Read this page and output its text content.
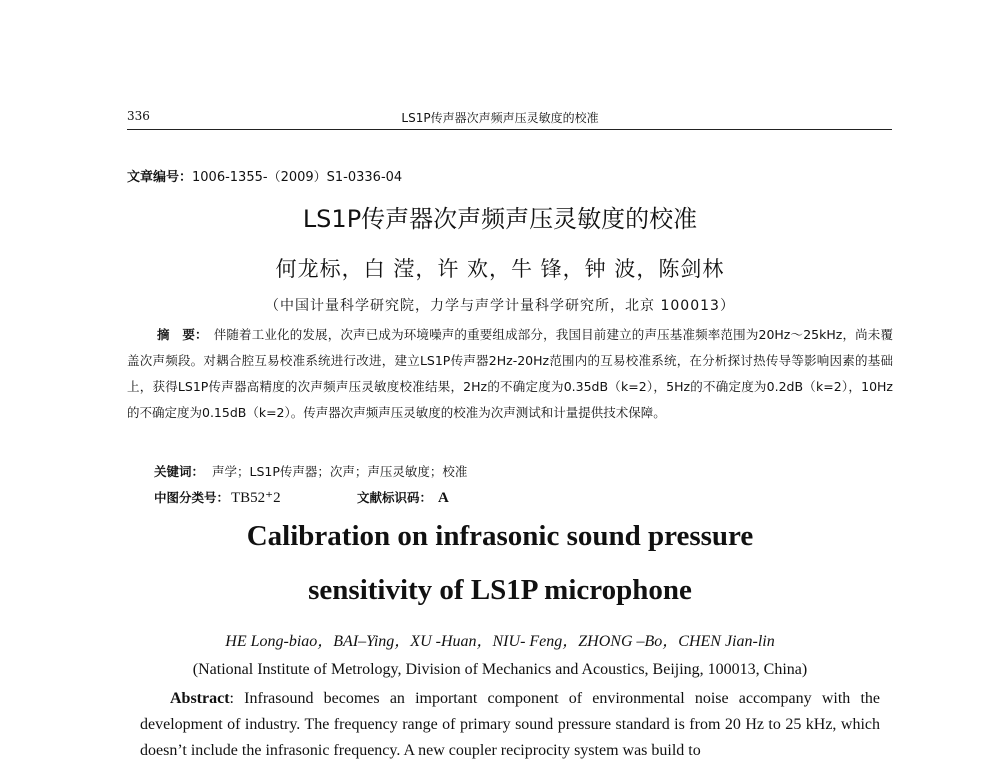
336	LS1P传声器次声频声压灵敏度的校准
文章编号：1006-1355-（2009）S1-0336-04
LS1P传声器次声频声压灵敏度的校准
何龙标，白 滢，许 欢，牛 锋，钟 波，陈剑林
（中国计量科学研究院，力学与声学计量科学研究所，北京 100013）
摘　要： 伴随着工业化的发展，次声已成为环境噪声的重要组成部分，我国目前建立的声压基准频率范围为20Hz～25kHz，尚未覆盖次声频段。对耦合腔互易校准系统进行改进，建立LS1P传声器2Hz-20Hz范围内的互易校准系统，在分析探讨热传导等影响因素的基础上，获得LS1P传声器高精度的次声频声压灵敏度校准结果，2Hz的不确定度为0.35dB（k=2），5Hz的不确定度为0.2dB（k=2），10Hz的不确定度为0.15dB（k=2）。传声器次声频声压灵敏度的校准为次声测试和计量提供技术保障。
关键词： 声学；LS1P传声器；次声；声压灵敏度；校准
中图分类号： TB52⁺2	文献标识码： A
Calibration on infrasonic sound pressure
sensitivity of LS1P microphone
HE Long-biao，BAI–Ying，XU -Huan，NIU- Feng，ZHONG –Bo，CHEN Jian-lin
(National Institute of Metrology, Division of Mechanics and Acoustics, Beijing, 100013, China)
Abstract: Infrasound becomes an important component of environmental noise accompany with the development of industry. The frequency range of primary sound pressure standard is from 20 Hz to 25 kHz, which doesn’t include the infrasonic frequency. A new coupler reciprocity system was build to
